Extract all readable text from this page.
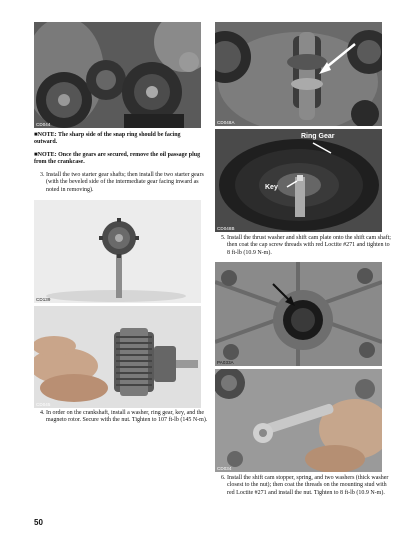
CD044
■NOTE: The sharp side of the snap ring should be facing outward.
■NOTE: Once the gears are secured, remove the oil passage plug from the crankcase.
3. Install the two starter gear shafts; then install the two starter gears (with the beveled side of the intermediate gear facing inward as noted in removing).
CD139
CD045
4. In order on the crankshaft, install a washer, ring gear, key, and the magneto rotor. Secure with the nut. Tighten to 107 ft-lb (145 N-m).
CD048A
Ring Gear
Key
CD048B
5. Install the thrust washer and shift cam plate onto the shift cam shaft; then coat the cap screw threads with red Loctite #271 and tighten to 8 ft-lb (10.9 N-m).
PA033A
CD034
6. Install the shift cam stopper, spring, and two washers (thick washer closest to the nut); then coat the threads on the mounting stud with red Loctite #271 and install the nut. Tighten to 8 ft-lb (10.9 N-m).
50
